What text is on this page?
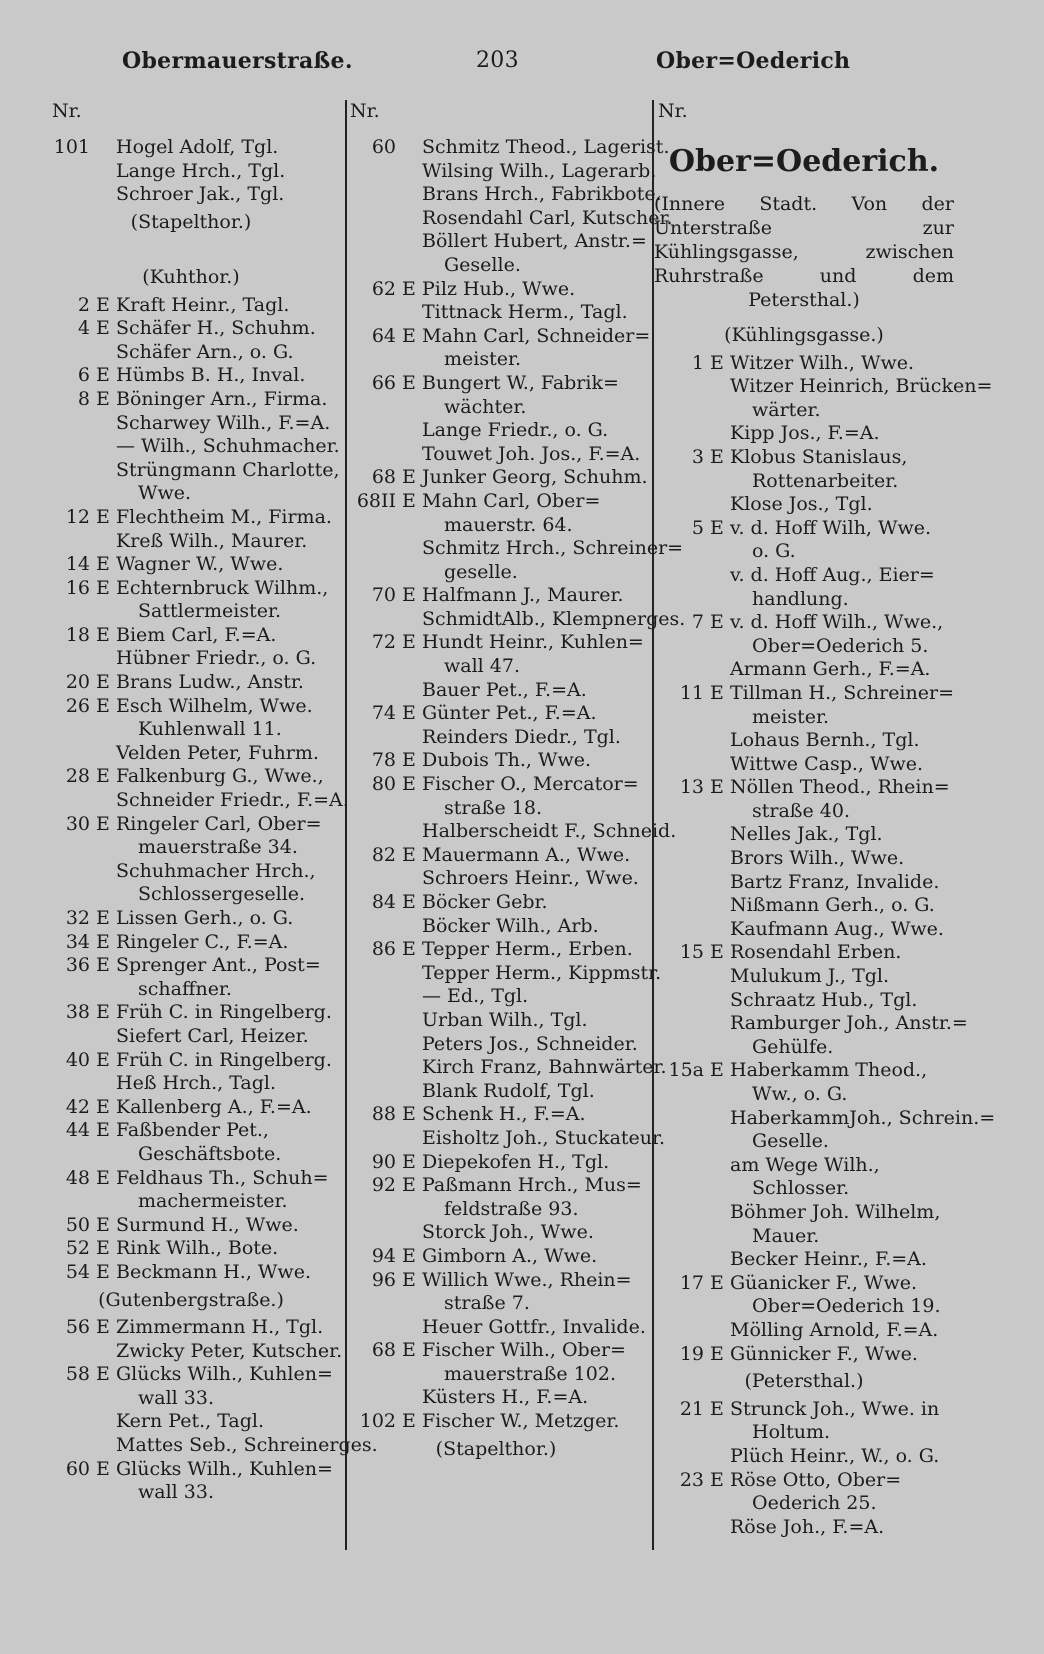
Obermauerstraße.	203	Ober=Oederich
Nr.	Nr.	Nr.
101 Hogel Adolf, Tgl.
Lange Hrch., Tgl.
Schroer Jak., Tgl.
(Stapelthor.)
(Kuhthor.)
2 E Kraft Heinr., Tagl.
4 E Schäfer H., Schuhm.
Schäfer Arn., o. G.
6 E Hümbs B. H., Inval.
8 E Böninger Arn., Firma.
Scharwey Wilh., F.=A.
— Wilh., Schuhmacher.
Strüngmann Charlotte,
Wwe.
12 E Flechtheim M., Firma.
Kreß Wilh., Maurer.
14 E Wagner W., Wwe.
16 E Echternbruck Wilhm.,
Sattlermeister.
18 E Biem Carl, F.=A.
Hübner Friedr., o. G.
20 E Brans Ludw., Anstr.
26 E Esch Wilhelm, Wwe.
Kuhlenwall 11.
Velden Peter, Fuhrm.
28 E Falkenburg G., Wwe.,
Schneider Friedr., F.=A.
30 E Ringeler Carl, Ober=
mauerstraße 34.
Schuhmacher Hrch.,
Schlossergeselle.
32 E Lissen Gerh., o. G.
34 E Ringeler C., F.=A.
36 E Sprenger Ant., Post=
schaffner.
38 E Früh C. in Ringelberg.
Siefert Carl, Heizer.
40 E Früh C. in Ringelberg.
Heß Hrch., Tagl.
42 E Kallenberg A., F.=A.
44 E Faßbender Pet.,
Geschäftsbote.
48 E Feldhaus Th., Schuh=
machermeister.
50 E Surmund H., Wwe.
52 E Rink Wilh., Bote.
54 E Beckmann H., Wwe.
(Gutenbergstraße.)
56 E Zimmermann H., Tgl.
Zwicky Peter, Kutscher.
58 E Glücks Wilh., Kuhlen=
wall 33.
Kern Pet., Tagl.
Mattes Seb., Schreinerges.
60 E Glücks Wilh., Kuhlen=
wall 33.
60 Schmitz Theod., Lagerist.
Wilsing Wilh., Lagerarb.
Brans Hrch., Fabrikbote.
Rosendahl Carl, Kutscher.
Böllert Hubert, Anstr.=
Geselle.
62 E Pilz Hub., Wwe.
Tittnack Herm., Tagl.
64 E Mahn Carl, Schneider=
meister.
66 E Bungert W., Fabrik=
wächter.
Lange Friedr., o. G.
Touwet Joh. Jos., F.=A.
68 E Junker Georg, Schuhm.
68II E Mahn Carl, Ober=
mauerstr. 64.
Schmitz Hrch., Schreiner=
geselle.
70 E Halfmann J., Maurer.
SchmidtAlb., Klempnerges.
72 E Hundt Heinr., Kuhlen=
wall 47.
Bauer Pet., F.=A.
74 E Günter Pet., F.=A.
Reinders Diedr., Tgl.
78 E Dubois Th., Wwe.
80 E Fischer O., Mercator=
straße 18.
Halberscheidt F., Schneid.
82 E Mauermann A., Wwe.
Schroers Heinr., Wwe.
84 E Böcker Gebr.
Böcker Wilh., Arb.
86 E Tepper Herm., Erben.
Tepper Herm., Kippmstr.
— Ed., Tgl.
Urban Wilh., Tgl.
Peters Jos., Schneider.
Kirch Franz, Bahnwärter.
Blank Rudolf, Tgl.
88 E Schenk H., F.=A.
Eisholtz Joh., Stuckateur.
90 E Diepekofen H., Tgl.
92 E Paßmann Hrch., Mus=
feldstraße 93.
Storck Joh., Wwe.
94 E Gimborn A., Wwe.
96 E Willich Wwe., Rhein=
straße 7.
Heuer Gottfr., Invalide.
68 E Fischer Wilh., Ober=
mauerstraße 102.
Küsters H., F.=A.
102 E Fischer W., Metzger.
(Stapelthor.)
Ober=Oederich.
(Innere Stadt. Von der Unterstraße zur Kühlingsgasse, zwischen Ruhrstraße und dem Petersthal.)
(Kühlingsgasse.)
1 E Witzer Wilh., Wwe.
Witzer Heinrich, Brücken=
wärter.
Kipp Jos., F.=A.
3 E Klobus Stanislaus,
Rottenarbeiter.
Klose Jos., Tgl.
5 E v. d. Hoff Wilh, Wwe.
o. G.
v. d. Hoff Aug., Eier=
handlung.
7 E v. d. Hoff Wilh., Wwe.,
Ober=Oederich 5.
Armann Gerh., F.=A.
11 E Tillman H., Schreiner=
meister.
Lohaus Bernh., Tgl.
Wittwe Casp., Wwe.
13 E Nöllen Theod., Rhein=
straße 40.
Nelles Jak., Tgl.
Brors Wilh., Wwe.
Bartz Franz, Invalide.
Nißmann Gerh., o. G.
Kaufmann Aug., Wwe.
15 E Rosendahl Erben.
Mulukum J., Tgl.
Schraatz Hub., Tgl.
Ramburger Joh., Anstr.=
Gehülfe.
15a E Haberkamm Theod.,
Ww., o. G.
HaberkammJoh., Schrein.=
Geselle.
am Wege Wilh.,
Schlosser.
Böhmer Joh. Wilhelm,
Mauer.
Becker Heinr., F.=A.
17 E Güanicker F., Wwe.
Ober=Oederich 19.
Mölling Arnold, F.=A.
19 E Günnicker F., Wwe.
(Petersthal.)
21 E Strunck Joh., Wwe. in
Holtum.
Plüch Heinr., W., o. G.
23 E Röse Otto, Ober=
Oederich 25.
Röse Joh., F.=A.
